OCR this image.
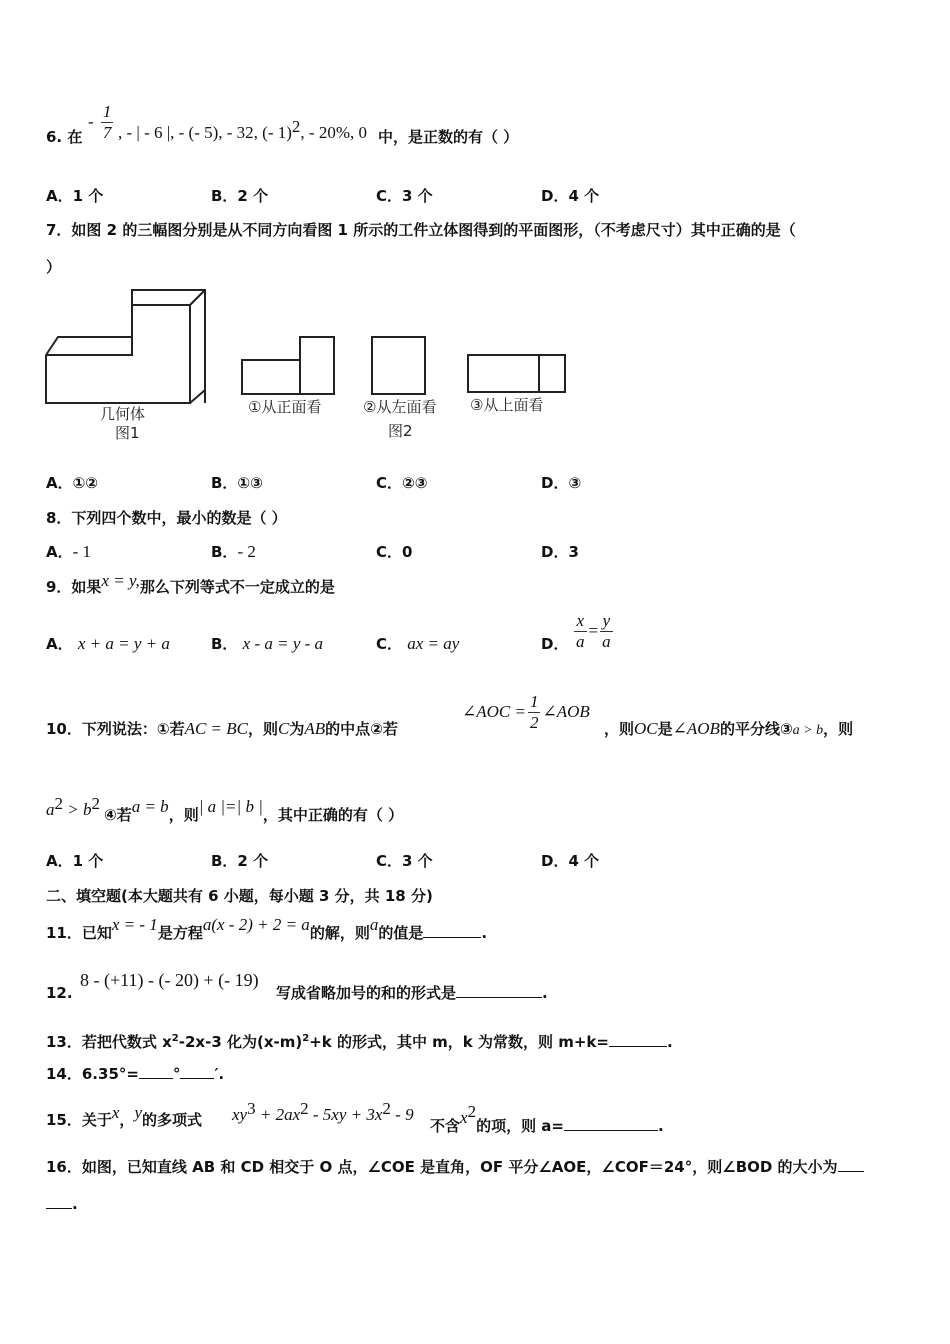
6. 在
- $\frac{1}{7}$ , - | - 6 |, - (- 5), - 32, (- 1)$^2$, - 20%, 0 中，是正数的有（ ）
A．1 个	B．2 个	C．3 个	D．4 个
7．如图 2 的三幅图分别是从不同方向看图 1 所示的工件立体图得到的平面图形，（不考虑尺寸）其中正确的是（
）
几何体
图1
①从正面看	②从左面看
图2
③从上面看
A．①②	B．①③	C．②③	D．③
8．下列四个数中，最小的数是（ ）
A．- 1	B．- 2	C．0	D．3
9．如果x = y,那么下列等式不一定成立的是
A． x + a = y + a	B． x - a = y - a	C． ax = ay	D． $\frac{x}{a} = \frac{y}{a}$
10．下列说法：①若AC = BC，则C为AB的中点②若
∠AOC = $\frac{1}{2}$ ∠AOB
，则OC是∠AOB的平分线③a > b，则
$a^2 > b^2$
④若a = b，则| a |=| b |，其中正确的有（ ）
A．1 个	B．2 个	C．3 个	D．4 个
二、填空题(本大题共有 6 小题，每小题 3 分，共 18 分)
11．已知x = - 1是方程a(x - 2) + 2 = a的解，则a的值是	.
12.
8 - (+11) - (- 20) + (- 19)
写成省略加号的和的形式是	.
13．若把代数式 $x^2-2x-3$ 化为$(x-m)^2+k$ 的形式，其中 m，k 为常数，则 m+k=	.
14．6.35°= ° ′.
15．关于x，y的多项式 $xy^3 + 2ax^2 - 5xy + 3x^2 - 9$
不含$x^2$的项，则 a=	.
16．如图，已知直线 AB 和 CD 相交于 O 点，∠COE 是直角，OF 平分∠AOE，∠COF＝24°，则∠BOD 的大小为
.
